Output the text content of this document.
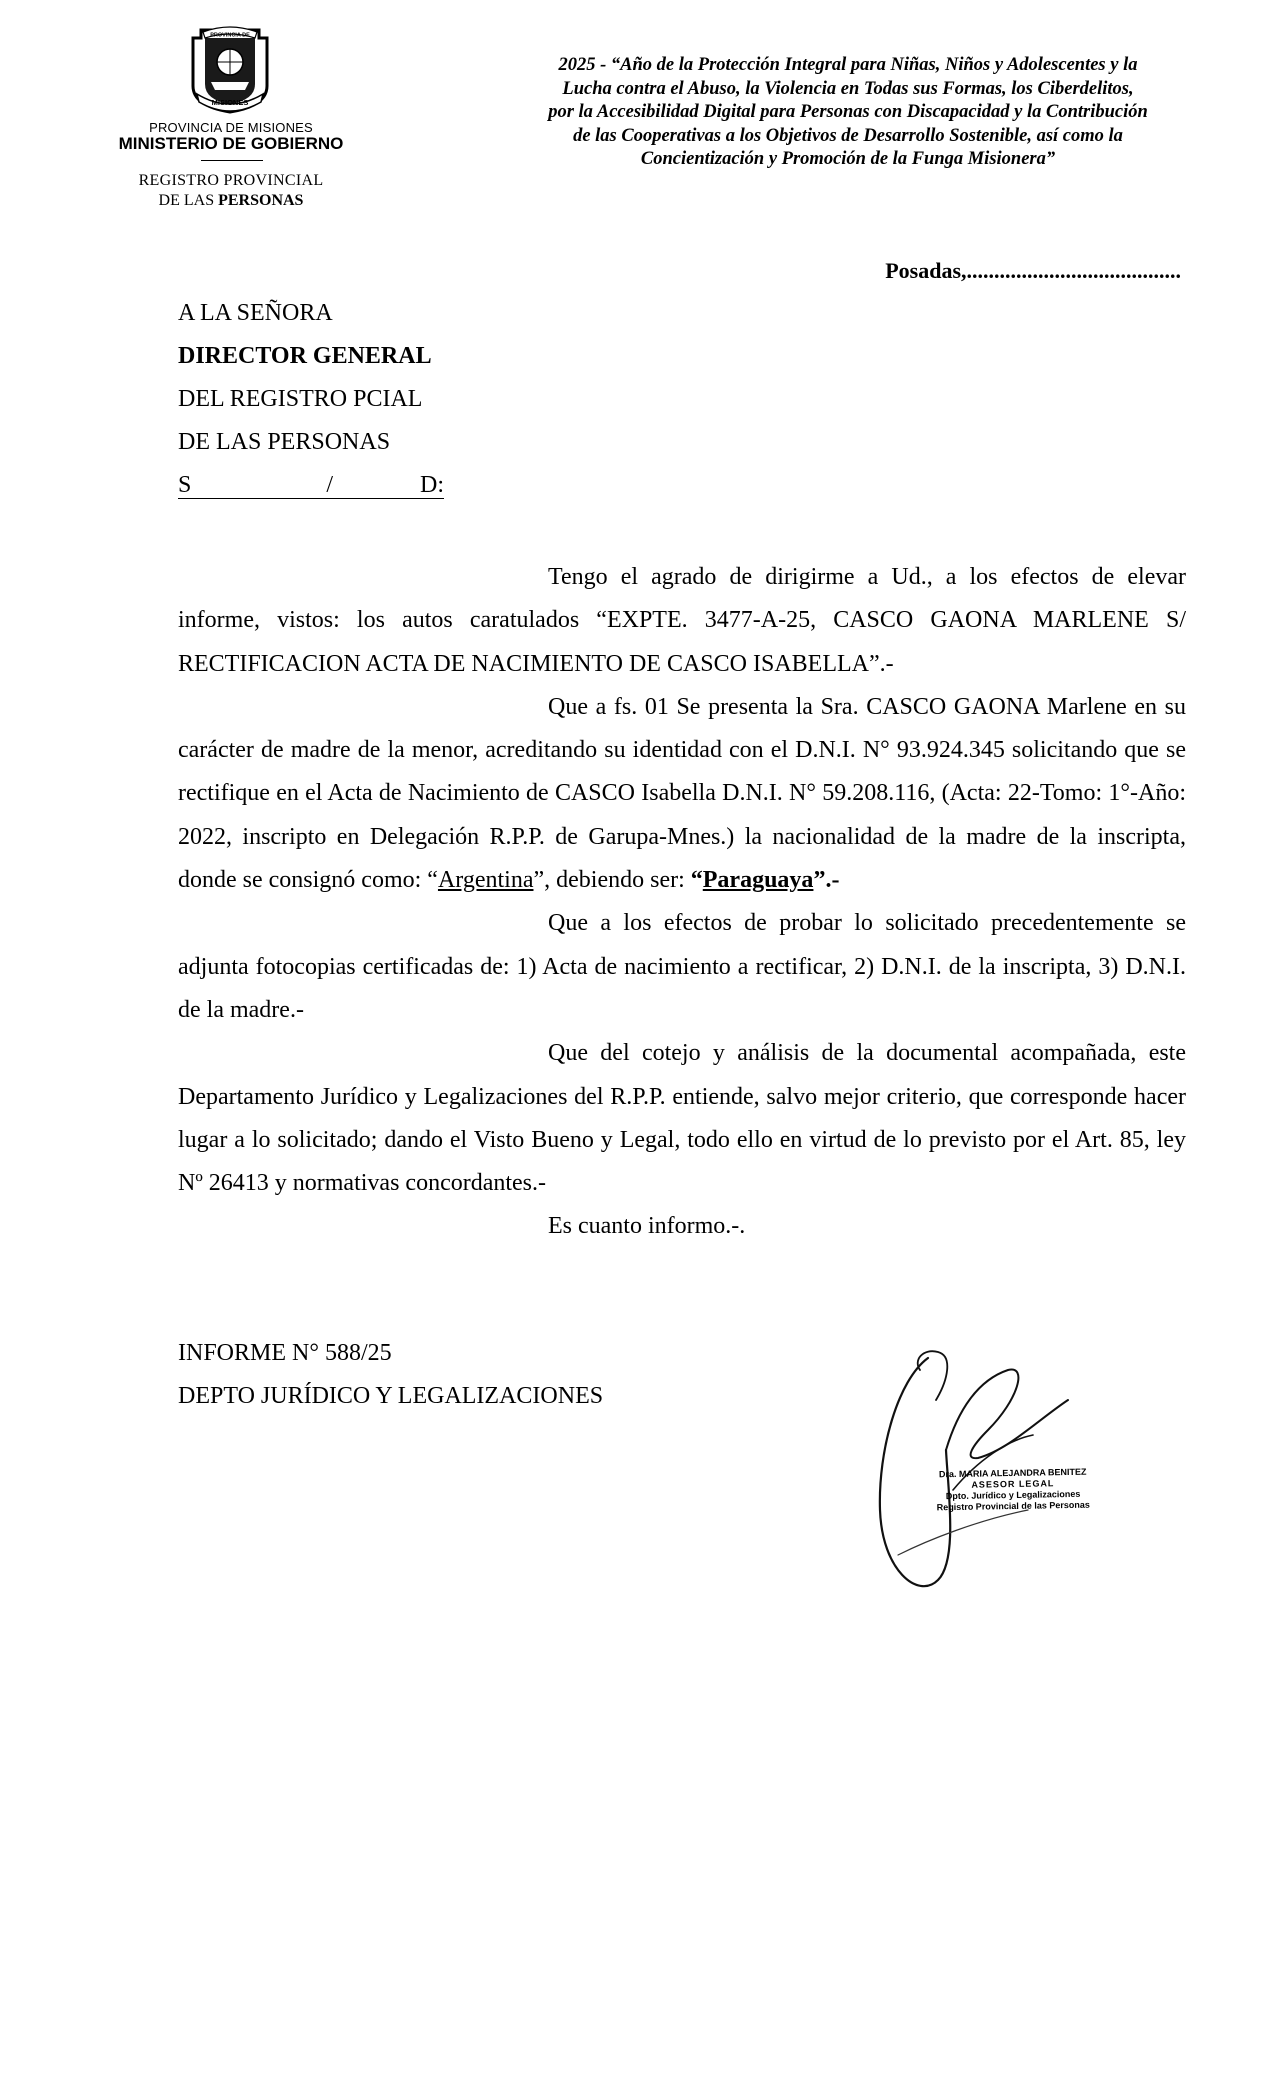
PROVINCIA DE
MISIONES
PROVINCIA DE MISIONES
MINISTERIO DE GOBIERNO
REGISTRO PROVINCIAL
DE LAS PERSONAS
2025 - “Año de la Protección Integral para Niñas, Niños y Adolescentes y la
Lucha contra el Abuso, la Violencia en Todas sus Formas, los Ciberdelitos,
por la Accesibilidad Digital para Personas con Discapacidad y la Contribución
de las Cooperativas a los Objetivos de Desarrollo Sostenible, así como la
Concientización y Promoción de la Funga Misionera”
Posadas,.......................................
A LA SEÑORA
DIRECTOR GENERAL
DEL REGISTRO PCIAL
DE LAS PERSONAS
S	/	D:

Tengo el agrado de dirigirme a Ud., a los efectos de elevar informe, vistos: los autos caratulados “EXPTE. 3477-A-25, CASCO GAONA MARLENE S/ RECTIFICACION ACTA DE NACIMIENTO DE CASCO ISABELLA”.-

Que a fs. 01 Se presenta la Sra. CASCO GAONA Marlene en su carácter de madre de la menor, acreditando su identidad con el D.N.I. N° 93.924.345 solicitando que se rectifique en el Acta de Nacimiento de CASCO Isabella D.N.I. N° 59.208.116, (Acta: 22-Tomo: 1°-Año: 2022, inscripto en Delegación R.P.P. de Garupa-Mnes.) la nacionalidad de la madre de la inscripta, donde se consignó como: “Argentina”, debiendo ser: “Paraguaya”.-

Que a los efectos de probar lo solicitado precedentemente se adjunta fotocopias certificadas de: 1) Acta de nacimiento a rectificar, 2) D.N.I. de la inscripta, 3) D.N.I. de la madre.-

Que del cotejo y análisis de la documental acompañada, este Departamento Jurídico y Legalizaciones del R.P.P. entiende, salvo mejor criterio, que corresponde hacer lugar a lo solicitado; dando el Visto Bueno y Legal, todo ello en virtud de lo previsto por el Art. 85, ley Nº 26413 y normativas concordantes.-

Es cuanto informo.-.

INFORME N° 588/25
DEPTO JURÍDICO Y LEGALIZACIONES
Dra. MARIA ALEJANDRA BENITEZ
ASESOR LEGAL
Dpto. Jurídico y Legalizaciones
Registro Provincial de las Personas
